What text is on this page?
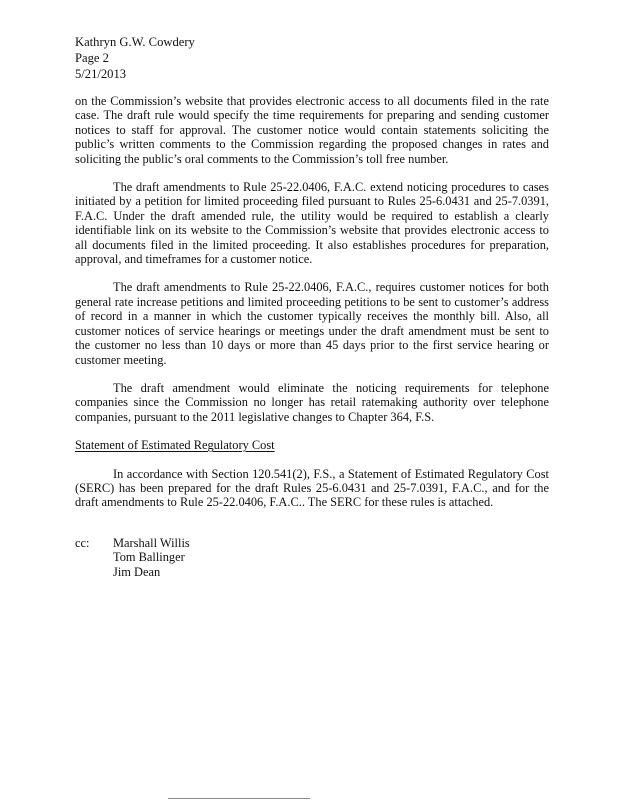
Kathryn G.W. Cowdery
Page 2
5/21/2013

on the Commission’s website that provides electronic access to all documents filed in the rate case. The draft rule would specify the time requirements for preparing and sending customer notices to staff for approval. The customer notice would contain statements soliciting the public’s written comments to the Commission regarding the proposed changes in rates and soliciting the public’s oral comments to the Commission’s toll free number.

The draft amendments to Rule 25-22.0406, F.A.C. extend noticing procedures to cases initiated by a petition for limited proceeding filed pursuant to Rules 25-6.0431 and 25-7.0391, F.A.C. Under the draft amended rule, the utility would be required to establish a clearly identifiable link on its website to the Commission’s website that provides electronic access to all documents filed in the limited proceeding. It also establishes procedures for preparation, approval, and timeframes for a customer notice.

The draft amendments to Rule 25-22.0406, F.A.C., requires customer notices for both general rate increase petitions and limited proceeding petitions to be sent to customer’s address of record in a manner in which the customer typically receives the monthly bill. Also, all customer notices of service hearings or meetings under the draft amendment must be sent to the customer no less than 10 days or more than 45 days prior to the first service hearing or customer meeting.

The draft amendment would eliminate the noticing requirements for telephone companies since the Commission no longer has retail ratemaking authority over telephone companies, pursuant to the 2011 legislative changes to Chapter 364, F.S.

Statement of Estimated Regulatory Cost

In accordance with Section 120.541(2), F.S., a Statement of Estimated Regulatory Cost (SERC) has been prepared for the draft Rules 25-6.0431 and 25-7.0391, F.A.C., and for the draft amendments to Rule 25-22.0406, F.A.C.. The SERC for these rules is attached.

cc: Marshall Willis
Tom Ballinger
Jim Dean
